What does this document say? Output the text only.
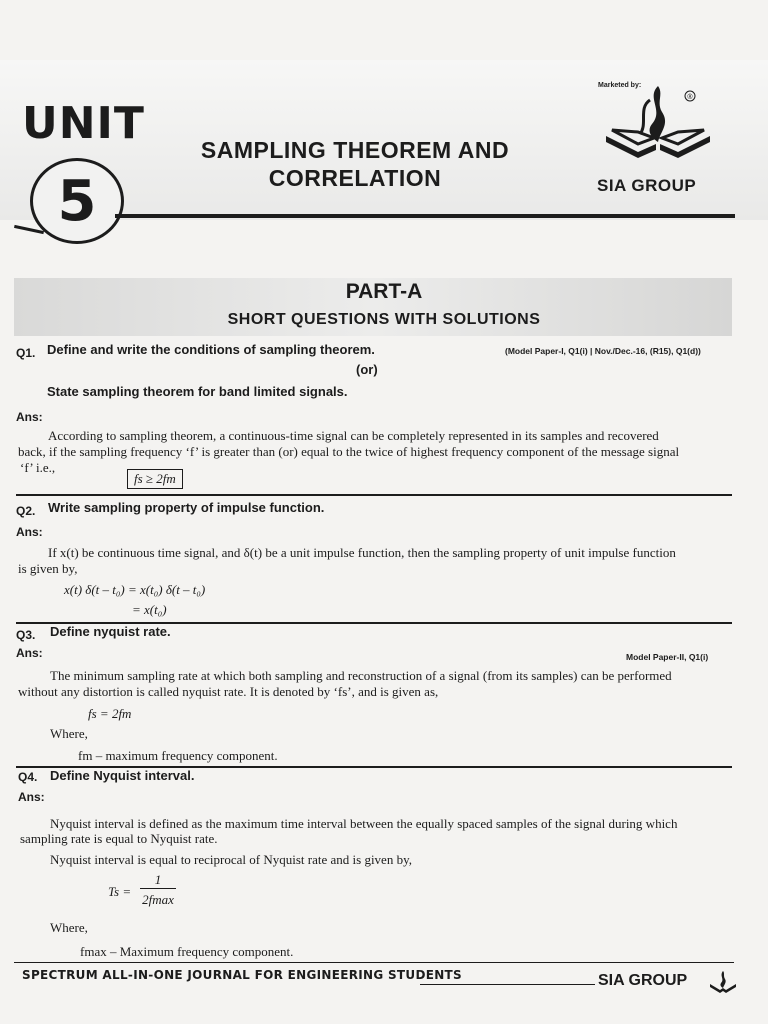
UNIT
5
SAMPLING THEOREM AND
CORRELATION
Marketed by:
®
SIA GROUP
PART-A
SHORT QUESTIONS WITH SOLUTIONS
Q1. Define and write the conditions of sampling theorem.	(Model Paper-I, Q1(i) | Nov./Dec.-16, (R15), Q1(d))
(or)
State sampling theorem for band limited signals.
Ans:
According to sampling theorem, a continuous-time signal can be completely represented in its samples and recovered
back, if the sampling frequency ‘f’ is greater than (or) equal to the twice of highest frequency component of the message signal
‘f’ i.e.,
fs ≥ 2fm
Q2. Write sampling property of impulse function.
Ans:
If x(t) be continuous time signal, and δ(t) be a unit impulse function, then the sampling property of unit impulse function
is given by,
x(t) δ(t – t₀) = x(t₀) δ(t – t₀)
= x(t₀)
Q3. Define nyquist rate.
Ans:	Model Paper-II, Q1(i)
The minimum sampling rate at which both sampling and reconstruction of a signal (from its samples) can be performed
without any distortion is called nyquist rate. It is denoted by ‘fs’, and is given as,
fs = 2fm
Where,
fm – maximum frequency component.
Q4. Define Nyquist interval.
Ans:
Nyquist interval is defined as the maximum time interval between the equally spaced samples of the signal during which
sampling rate is equal to Nyquist rate.
Nyquist interval is equal to reciprocal of Nyquist rate and is given by,
Ts =
1
2fmax
Where,
fmax – Maximum frequency component.
SPECTRUM ALL-IN-ONE JOURNAL FOR ENGINEERING STUDENTS	SIA GROUP
